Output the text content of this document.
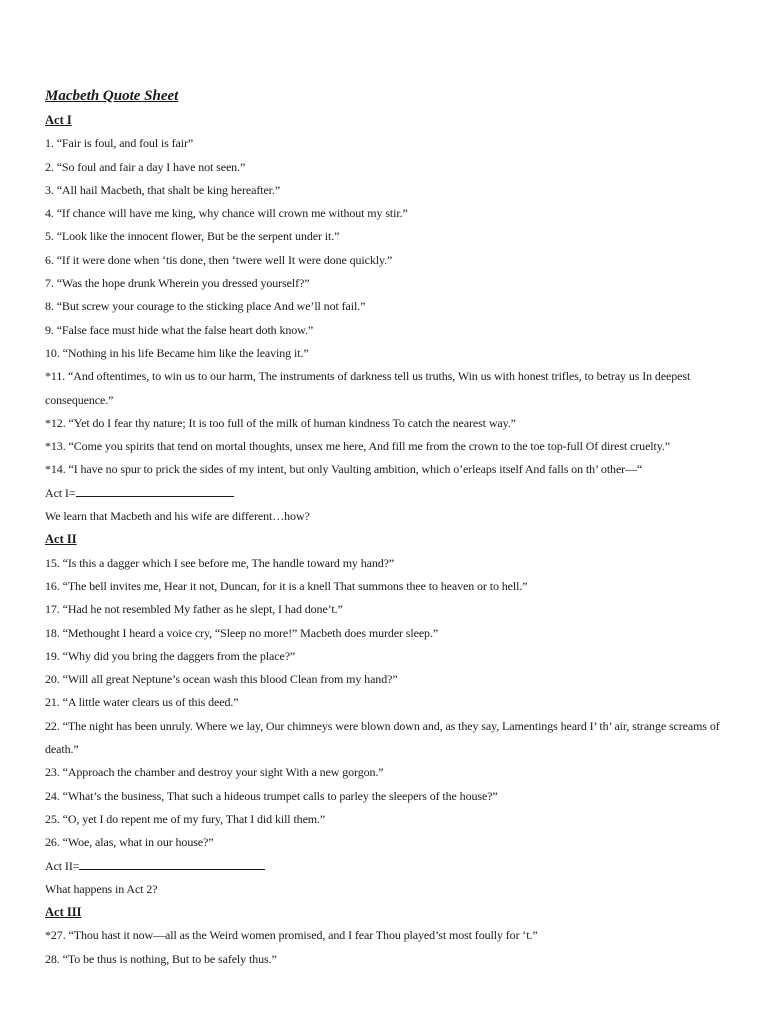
Macbeth Quote Sheet

Act I

1. “Fair is foul, and foul is fair”

2. “So foul and fair a day I have not seen.”

3. “All hail Macbeth, that shalt be king hereafter.”

4. “If chance will have me king, why chance will crown me without my stir.”

5. “Look like the innocent flower, But be the serpent under it.”

6. “If it were done when ‘tis done, then ‘twere well It were done quickly.”

7. “Was the hope drunk Wherein you dressed yourself?”

8. “But screw your courage to the sticking place And we’ll not fail.”

9. “False face must hide what the false heart doth know.”

10. “Nothing in his life Became him like the leaving it.”

*11. “And oftentimes, to win us to our harm, The instruments of darkness tell us truths, Win us with honest trifles, to betray us In deepest consequence.”

*12. “Yet do I fear thy nature; It is too full of the milk of human kindness To catch the nearest way.”

*13. “Come you spirits that tend on mortal thoughts, unsex me here, And fill me from the crown to the toe top-full Of direst cruelty.”

*14. “I have no spur to prick the sides of my intent, but only Vaulting ambition, which o’erleaps itself And falls on th’ other—“

Act I=

We learn that Macbeth and his wife are different…how?

Act II

15. “Is this a dagger which I see before me, The handle toward my hand?”

16. “The bell invites me, Hear it not, Duncan, for it is a knell That summons thee to heaven or to hell.”

17. “Had he not resembled My father as he slept, I had done’t.”

18. “Methought I heard a voice cry, “Sleep no more!” Macbeth does murder sleep.”

19. “Why did you bring the daggers from the place?”

20. “Will all great Neptune’s ocean wash this blood Clean from my hand?”

21. “A little water clears us of this deed.”

22. “The night has been unruly. Where we lay, Our chimneys were blown down and, as they say, Lamentings heard I’ th’ air, strange screams of death.”

23. “Approach the chamber and destroy your sight With a new gorgon.”

24. “What’s the business, That such a hideous trumpet calls to parley the sleepers of the house?”

25. “O, yet I do repent me of my fury, That I did kill them.”

26. “Woe, alas, what in our house?”

Act II=

What happens in Act 2?

Act III

*27. “Thou hast it now—all as the Weird women promised, and I fear Thou played’st most foully for ‘t.”

28. “To be thus is nothing, But to be safely thus.”
